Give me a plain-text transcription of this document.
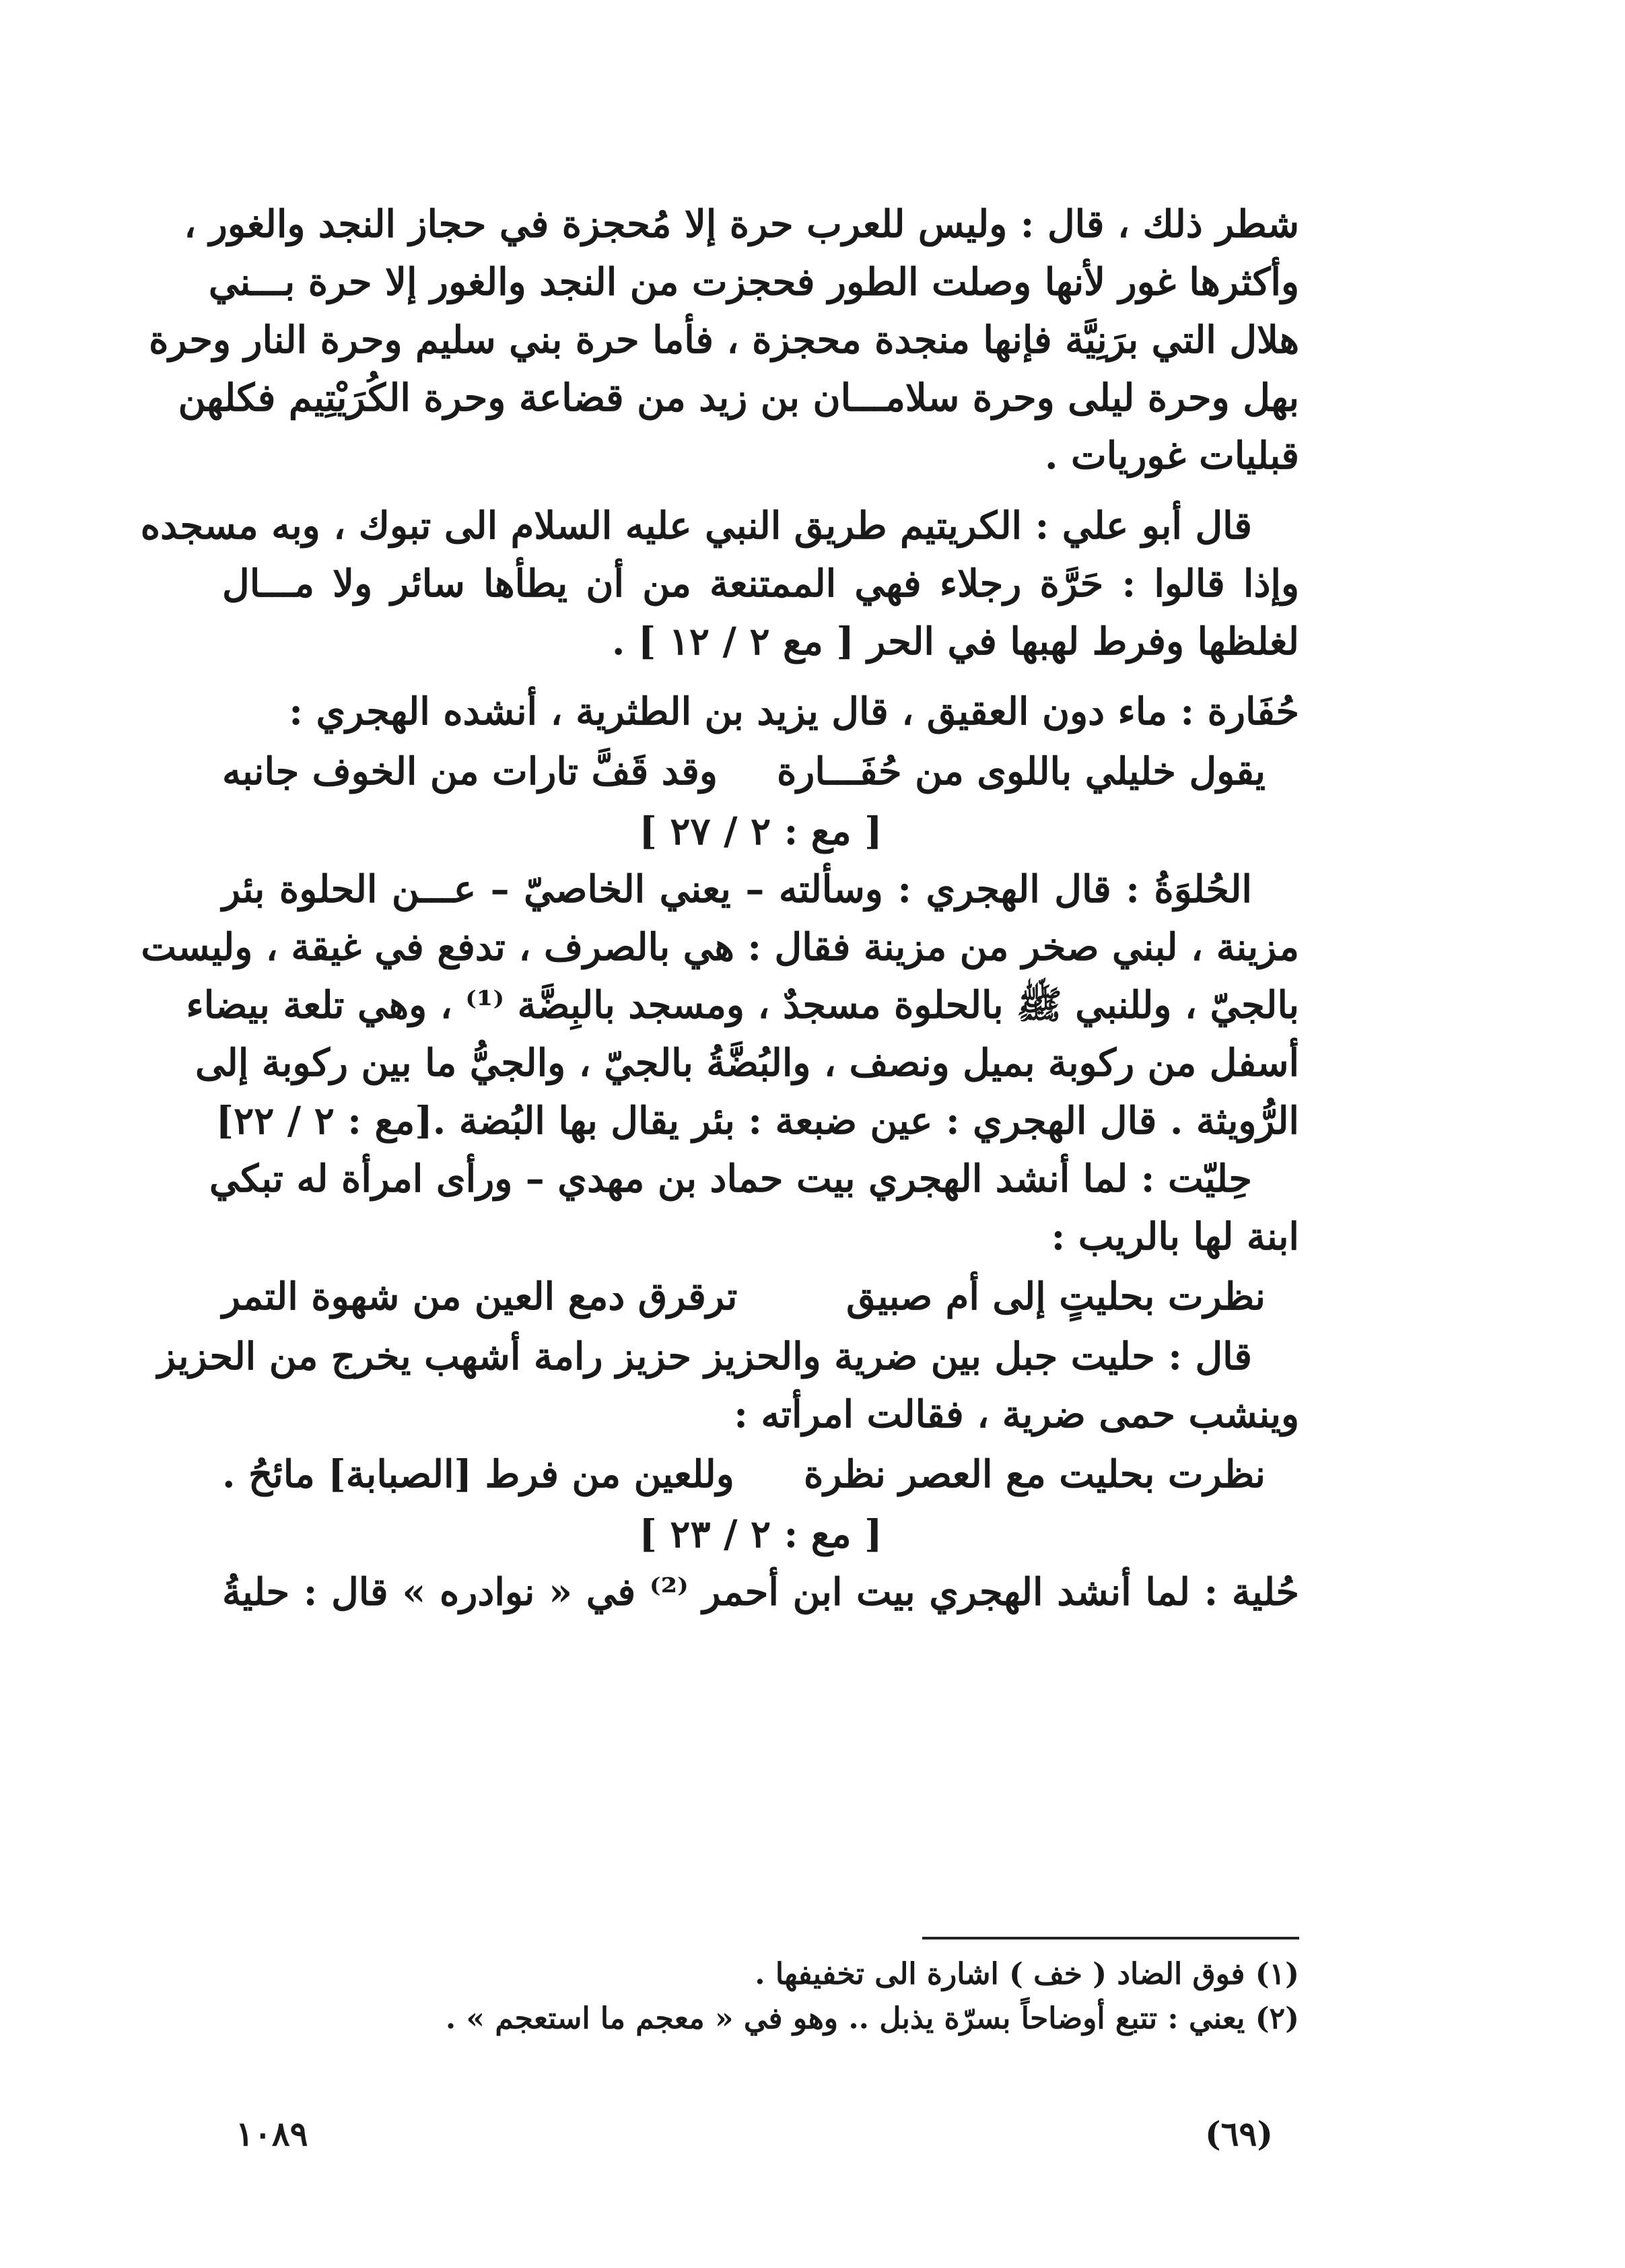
شطر ذلك ، قال : وليس للعرب حرة إلا مُحجزة في حجاز النجد والغور ،
وأكثرها غور لأنها وصلت الطور فحجزت من النجد والغور إلا حرة بـــني
هلال التي برَنِيَّة فإنها منجدة محجزة ، فأما حرة بني سليم وحرة النار وحرة
بهل وحرة ليلى وحرة سلامـــان بن زيد من قضاعة وحرة الكُرَيْتِيم فكلهن
قبليات غوريات .
قال أبو علي : الكريتيم طريق النبي عليه السلام الى تبوك ، وبه مسجده
وإذا قالوا : حَرَّة رجلاء فهي الممتنعة من أن يطأها سائر ولا مـــال
لغلظها وفرط لهبها في الحر [ مع ٢ / ١٢ ] .
حُفَارة : ماء دون العقيق ، قال يزيد بن الطثرية ، أنشده الهجري :
يقول خليلي باللوى من حُفَـــارة
وقد قَفَّ تارات من الخوف جانبه
[ مع : ٢ / ٢٧ ]
الحُلوَةُ : قال الهجري : وسألته – يعني الخاصيّ – عـــن الحلوة بئر
مزينة ، لبني صخر من مزينة فقال : هي بالصرف ، تدفع في غيقة ، وليست
بالجيّ ، وللنبي ﷺ بالحلوة مسجدٌ ، ومسجد بالبِضَّة ⁽¹⁾ ، وهي تلعة بيضاء
أسفل من ركوبة بميل ونصف ، والبُضَّةُ بالجيّ ، والجيُّ ما بين ركوبة إلى
الرُّويثة . قال الهجري : عين ضبعة : بئر يقال بها البُضة .[مع : ٢ / ٢٢]
حِليّت : لما أنشد الهجري بيت حماد بن مهدي – ورأى امرأة له تبكي
ابنة لها بالريب :
نظرت بحليتٍ إلى أم صبيق
ترقرق دمع العين من شهوة التمر
قال : حليت جبل بين ضرية والحزيز حزيز رامة أشهب يخرج من الحزيز
وينشب حمى ضرية ، فقالت امرأته :
نظرت بحليت مع العصر نظرة
وللعين من فرط [الصبابة] مائحُ .
[ مع : ٢ / ٢٣ ]
حُلية : لما أنشد الهجري بيت ابن أحمر ⁽²⁾ في « نوادره » قال : حليةُ
(١) فوق الضاد ( خف ) اشارة الى تخفيفها .
(٢) يعني : تتبع أوضاحاً بسرّة يذبل .. وهو في « معجم ما استعجم » .
١٠٨٩	(٦٩)
